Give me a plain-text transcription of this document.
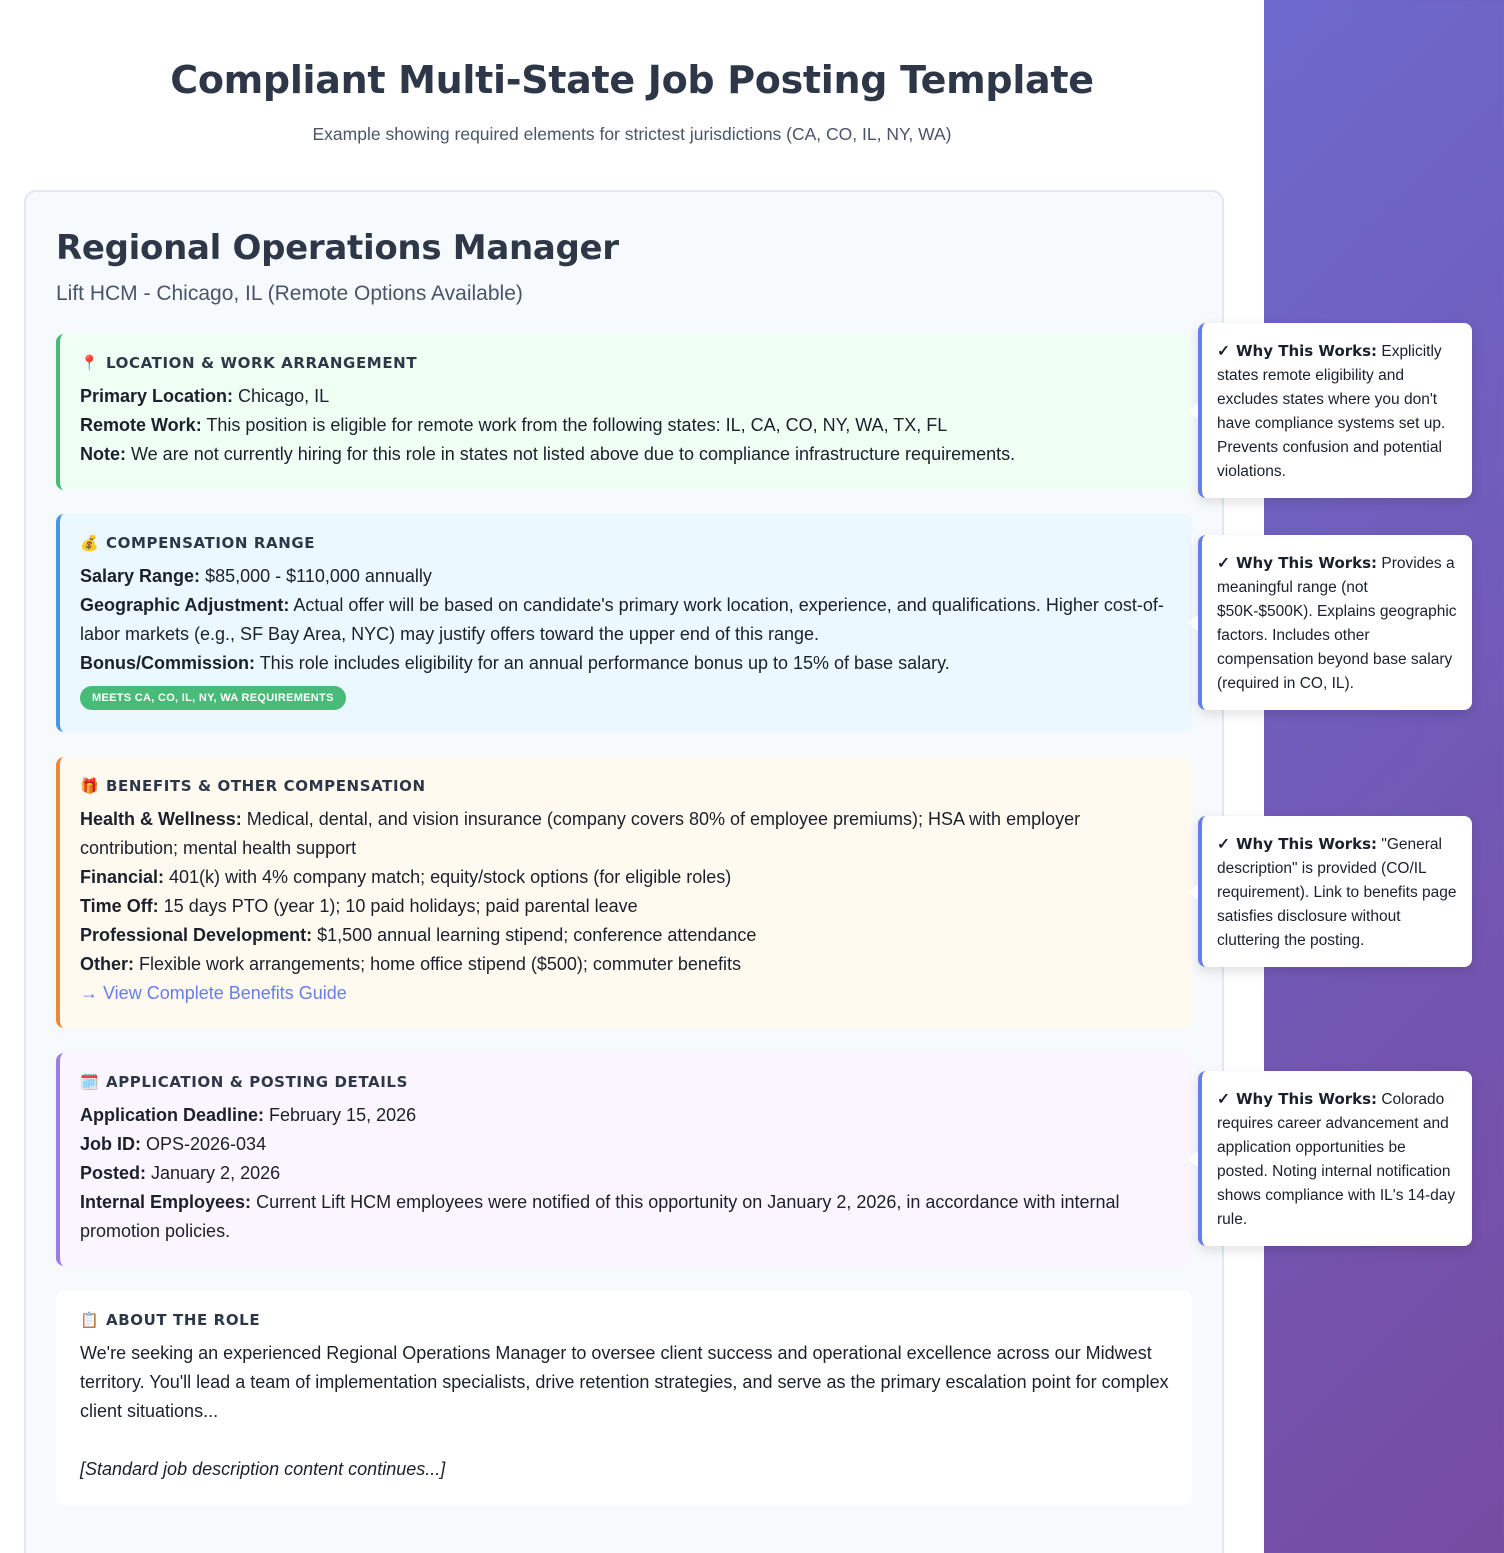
Compliant Multi-State Job Posting Template

Example showing required elements for strictest jurisdictions (CA, CO, IL, NY, WA)

Regional Operations Manager

Lift HCM - Chicago, IL (Remote Options Available)

📍 LOCATION & WORK ARRANGEMENT
Primary Location: Chicago, IL
Remote Work: This position is eligible for remote work from the following states: IL, CA, CO, NY, WA, TX, FL
Note: We are not currently hiring for this role in states not listed above due to compliance infrastructure requirements.
💰 COMPENSATION RANGE
Salary Range: $85,000 - $110,000 annually
Geographic Adjustment: Actual offer will be based on candidate's primary work location, experience, and qualifications. Higher cost-of-labor markets (e.g., SF Bay Area, NYC) may justify offers toward the upper end of this range.
Bonus/Commission: This role includes eligibility for an annual performance bonus up to 15% of base salary.
MEETS CA, CO, IL, NY, WA REQUIREMENTS
🎁 BENEFITS & OTHER COMPENSATION
Health & Wellness: Medical, dental, and vision insurance (company covers 80% of employee premiums); HSA with employer contribution; mental health support
Financial: 401(k) with 4% company match; equity/stock options (for eligible roles)
Time Off: 15 days PTO (year 1); 10 paid holidays; paid parental leave
Professional Development: $1,500 annual learning stipend; conference attendance
Other: Flexible work arrangements; home office stipend ($500); commuter benefits
→ View Complete Benefits Guide
🗓️ APPLICATION & POSTING DETAILS
Application Deadline: February 15, 2026
Job ID: OPS-2026-034
Posted: January 2, 2026
Internal Employees: Current Lift HCM employees were notified of this opportunity on January 2, 2026, in accordance with internal promotion policies.
📋 ABOUT THE ROLE

We're seeking an experienced Regional Operations Manager to oversee client success and operational excellence across our Midwest territory. You'll lead a team of implementation specialists, drive retention strategies, and serve as the primary escalation point for complex client situations...

[Standard job description content continues...]

✓ Why This Works: Explicitly states remote eligibility and excludes states where you don't have compliance systems set up. Prevents confusion and potential violations.
✓ Why This Works: Provides a meaningful range (not $50K-$500K). Explains geographic factors. Includes other compensation beyond base salary (required in CO, IL).
✓ Why This Works: "General description" is provided (CO/IL requirement). Link to benefits page satisfies disclosure without cluttering the posting.
✓ Why This Works: Colorado requires career advancement and application opportunities be posted. Noting internal notification shows compliance with IL's 14-day rule.
